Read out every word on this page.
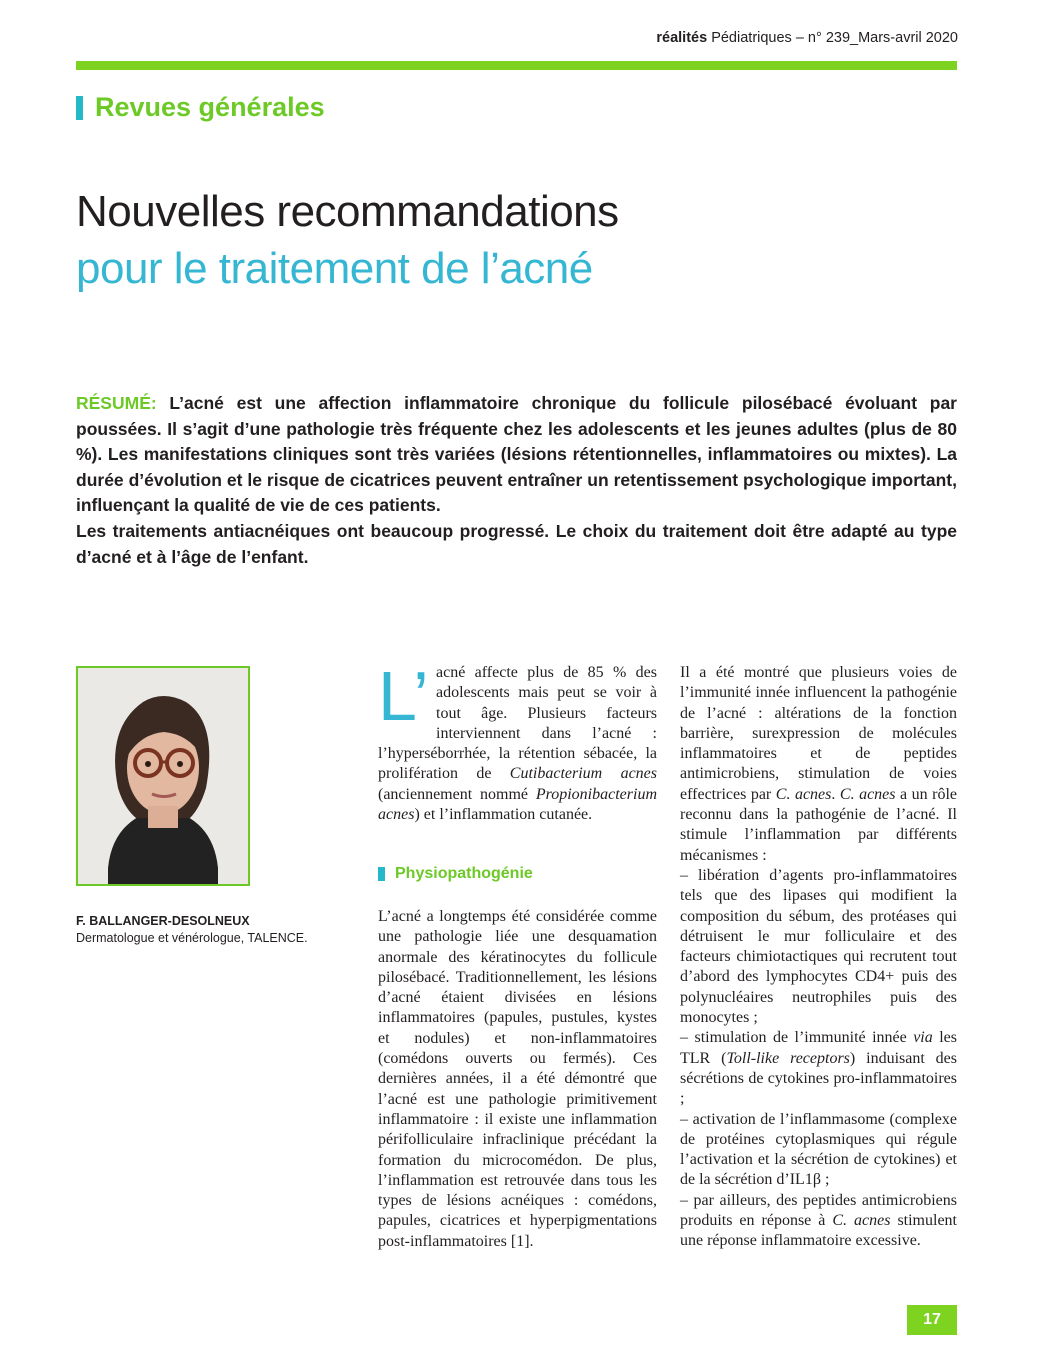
réalités Pédiatriques – n° 239_Mars-avril 2020
Revues générales
Nouvelles recommandations
pour le traitement de l’acné

RÉSUMÉ: L’acné est une affection inflammatoire chronique du follicule pilosébacé évoluant par poussées. Il s’agit d’une pathologie très fréquente chez les adolescents et les jeunes adultes (plus de 80 %). Les manifestations cliniques sont très variées (lésions rétentionnelles, inflammatoires ou mixtes). La durée d’évolution et le risque de cicatrices peuvent entraîner un retentissement psychologique important, influençant la qualité de vie de ces patients.

Les traitements antiacnéiques ont beaucoup progressé. Le choix du traitement doit être adapté au type d’acné et à l’âge de l’enfant.

F. BALLANGER-DESOLNEUX
Dermatologue et vénérologue, TALENCE.

L’ acné affecte plus de 85 % des adolescents mais peut se voir à tout âge. Plusieurs facteurs interviennent dans l’acné : l’hyperséborrhée, la rétention sébacée, la prolifération de Cutibacterium acnes (anciennement nommé Propionibacterium acnes) et l’inflammation cutanée.

Physiopathogénie

L’acné a longtemps été considérée comme une pathologie liée une desquamation anormale des kératinocytes du follicule pilosébacé. Traditionnellement, les lésions d’acné étaient divisées en lésions inflammatoires (papules, pustules, kystes et nodules) et non-inflammatoires (comédons ouverts ou fermés). Ces dernières années, il a été démontré que l’acné est une pathologie primitivement inflammatoire : il existe une inflammation périfolliculaire infraclinique précédant la formation du microcomédon. De plus, l’inflammation est retrouvée dans tous les types de lésions acnéiques : comédons, papules, cicatrices et hyperpigmentations post-inflammatoires [1].

Il a été montré que plusieurs voies de l’immunité innée influencent la pathogénie de l’acné : altérations de la fonction barrière, surexpression de molécules inflammatoires et de peptides antimicrobiens, stimulation de voies effectrices par C. acnes. C. acnes a un rôle reconnu dans la pathogénie de l’acné. Il stimule l’inflammation par différents mécanismes :

– libération d’agents pro-inflammatoires tels que des lipases qui modifient la composition du sébum, des protéases qui détruisent le mur folliculaire et des facteurs chimiotactiques qui recrutent tout d’abord des lymphocytes CD4+ puis des polynucléaires neutrophiles puis des monocytes ;

– stimulation de l’immunité innée via les TLR (Toll-like receptors) induisant des sécrétions de cytokines pro-inflammatoires ;

– activation de l’inflammasome (complexe de protéines cytoplasmiques qui régule l’activation et la sécrétion de cytokines) et de la sécrétion d’IL1β ;

– par ailleurs, des peptides antimicrobiens produits en réponse à C. acnes stimulent une réponse inflammatoire excessive.

17
